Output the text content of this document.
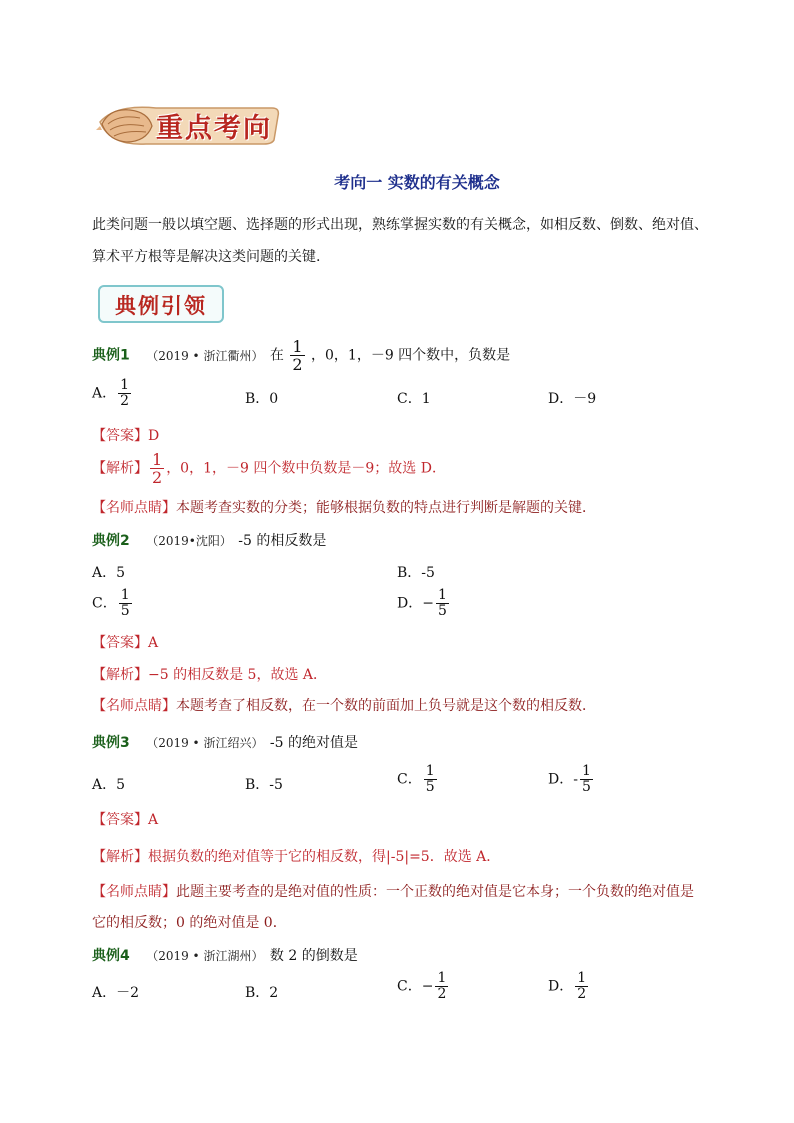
重点考向
考向一 实数的有关概念
此类问题一般以填空题、选择题的形式出现，熟练掌握实数的有关概念，如相反数、倒数、绝对值、
算术平方根等是解决这类问题的关键.
典例引领
典例1 （2019 • 浙江衢州） 在 $\frac{1}{2}$ ，0，1，－9 四个数中，负数是
A． $\frac{1}{2}$	B．0	C．1	D．－9
【答案】D
【解析】 $\frac{1}{2}$ ，0，1，－9 四个数中负数是－9；故选 D．
【名师点睛】本题考查实数的分类；能够根据负数的特点进行判断是解题的关键．
典例2 （2019•沈阳） -5 的相反数是
A．5	B．-5
C． $\frac{1}{5}$	D．− $\frac{1}{5}$
【答案】A
【解析】−5 的相反数是 5，故选 A．
【名师点睛】本题考查了相反数，在一个数的前面加上负号就是这个数的相反数．
典例3 （2019 • 浙江绍兴） -5 的绝对值是
A．5	B．-5	C． $\frac{1}{5}$	D．- $\frac{1}{5}$
【答案】A
【解析】根据负数的绝对值等于它的相反数，得|-5|=5．故选 A．
【名师点睛】此题主要考查的是绝对值的性质：一个正数的绝对值是它本身；一个负数的绝对值是
它的相反数；0 的绝对值是 0．
典例4 （2019 • 浙江湖州） 数 2 的倒数是
A．－2	B．2	C．− $\frac{1}{2}$	D． $\frac{1}{2}$
